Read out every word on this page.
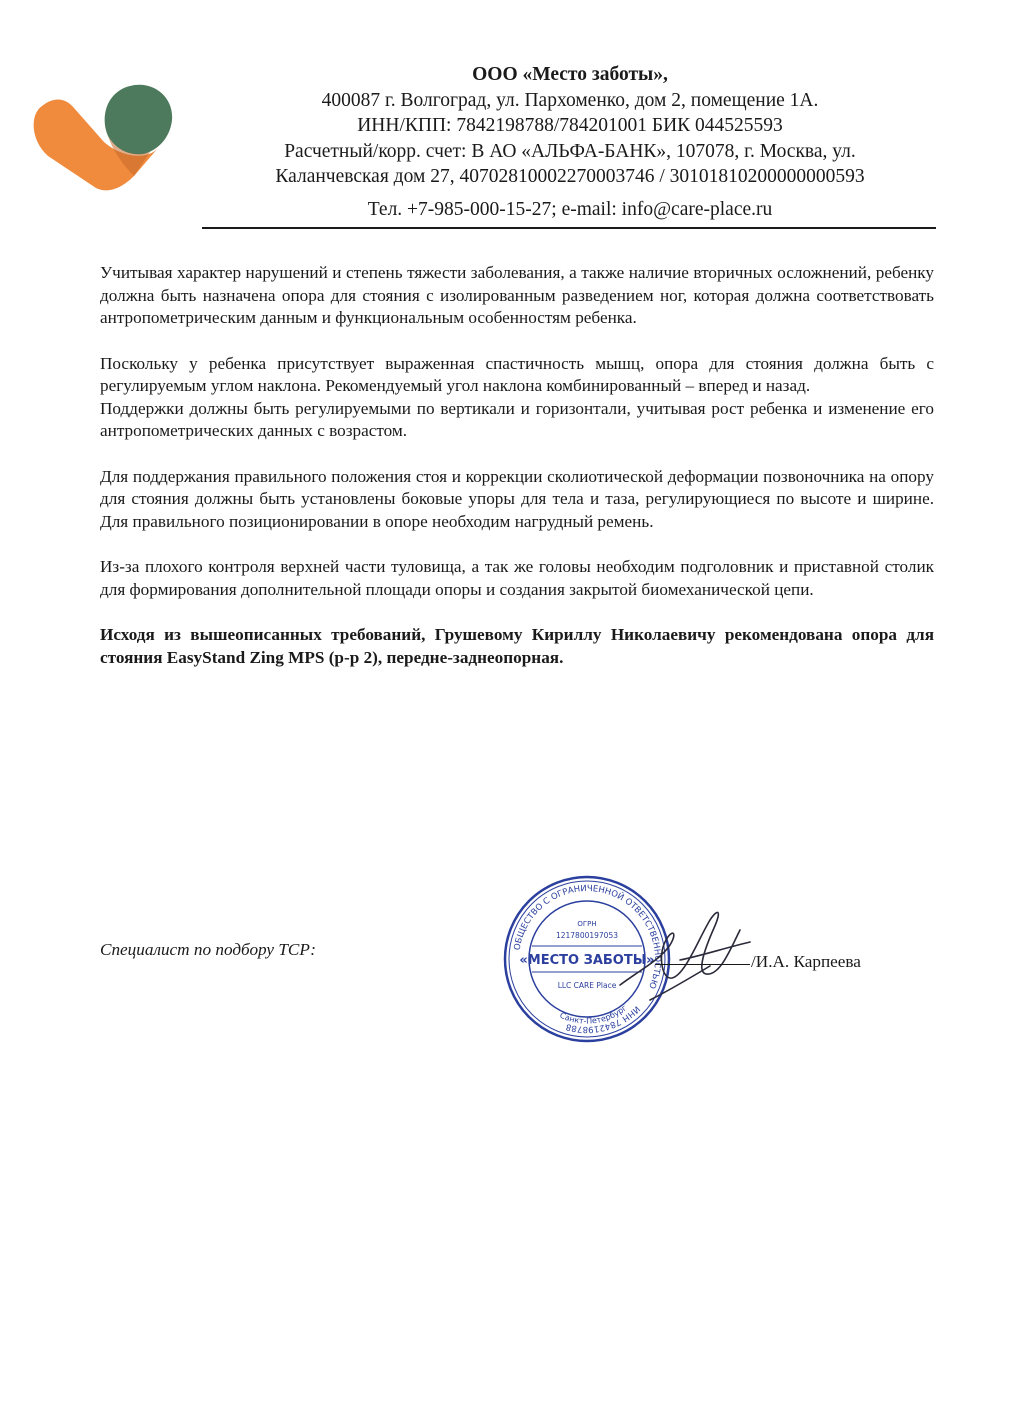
ООО «Место заботы»,
400087 г. Волгоград, ул. Пархоменко, дом 2, помещение 1А.
ИНН/КПП: 7842198788/784201001 БИК 044525593
Расчетный/корр. счет: В АО «АЛЬФА-БАНК», 107078, г. Москва, ул.
Каланчевская дом 27, 40702810002270003746 / 30101810200000000593
Тел. +7-985-000-15-27; e-mail: info@care-place.ru

Учитывая характер нарушений и степень тяжести заболевания, а также наличие вторичных осложнений, ребенку должна быть назначена опора для стояния с изолированным разведением ног, которая должна соответствовать антропометрическим данным и функциональным особенностям ребенка.

Поскольку у ребенка присутствует выраженная спастичность мышц, опора для стояния должна быть с регулируемым углом наклона. Рекомендуемый угол наклона комбинированный – вперед и назад.

Поддержки должны быть регулируемыми по вертикали и горизонтали, учитывая рост ребенка и изменение его антропометрических данных с возрастом.

Для поддержания правильного положения стоя и коррекции сколиотической деформации позвоночника на опору для стояния должны быть установлены боковые упоры для тела и таза, регулирующиеся по высоте и ширине. Для правильного позиционировании в опоре необходим нагрудный ремень.

Из-за плохого контроля верхней части туловища, а так же головы необходим подголовник и приставной столик для формирования дополнительной площади опоры и создания закрытой биомеханической цепи.

Исходя из вышеописанных требований, Грушевому Кириллу Николаевичу рекомендована опора для стояния EasyStand Zing MPS (р-р 2), передне-заднеопорная.

Специалист по подбору ТСР:	ОБЩЕСТВО С ОГРАНИЧЕННОЙ ОТВЕТСТВЕННОСТЬЮ
ИНН 7842198788
Санкт-Петербург
ОГРН
1217800197053
«МЕСТО ЗАБОТЫ»
LLC CARE Place
/И.А. Карпеева
